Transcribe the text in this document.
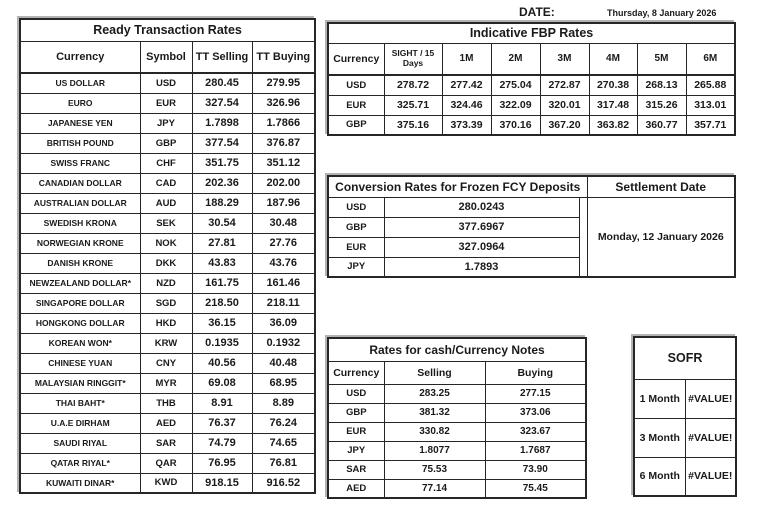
DATE:	Thursday, 8 January 2026
Ready Transaction Rates			
Currency	Symbol	TT Selling	TT Buying
US DOLLAR	USD	280.45	279.95
EURO	EUR	327.54	326.96
JAPANESE YEN	JPY	1.7898	1.7866
BRITISH POUND	GBP	377.54	376.87
SWISS FRANC	CHF	351.75	351.12
CANADIAN DOLLAR	CAD	202.36	202.00
AUSTRALIAN DOLLAR	AUD	188.29	187.96
SWEDISH KRONA	SEK	30.54	30.48
NORWEGIAN KRONE	NOK	27.81	27.76
DANISH KRONE	DKK	43.83	43.76
NEWZEALAND DOLLAR*	NZD	161.75	161.46
SINGAPORE DOLLAR	SGD	218.50	218.11
HONGKONG DOLLAR	HKD	36.15	36.09
KOREAN WON*	KRW	0.1935	0.1932
CHINESE YUAN	CNY	40.56	40.48
MALAYSIAN RINGGIT*	MYR	69.08	68.95
THAI BAHT*	THB	8.91	8.89
U.A.E DIRHAM	AED	76.37	76.24
SAUDI RIYAL	SAR	74.79	74.65
QATAR RIYAL*	QAR	76.95	76.81
KUWAITI DINAR*	KWD	918.15	916.52
Indicative FBP Rates							
Currency	SIGHT / 15 Days	1M	2M	3M	4M	5M	6M
USD	278.72	277.42	275.04	272.87	270.38	268.13	265.88
EUR	325.71	324.46	322.09	320.01	317.48	315.26	313.01
GBP	375.16	373.39	370.16	367.20	363.82	360.77	357.71
Conversion Rates for Frozen FCY Deposits			Settlement Date
USD	280.0243		Monday, 12 January 2026
GBP	377.6967		
EUR	327.0964		
JPY	1.7893		
Rates for cash/Currency Notes		
Currency	Selling	Buying
USD	283.25	277.15
GBP	381.32	373.06
EUR	330.82	323.67
JPY	1.8077	1.7687
SAR	75.53	73.90
AED	77.14	75.45
SOFR	
1 Month	#VALUE!
3 Month	#VALUE!
6 Month	#VALUE!
